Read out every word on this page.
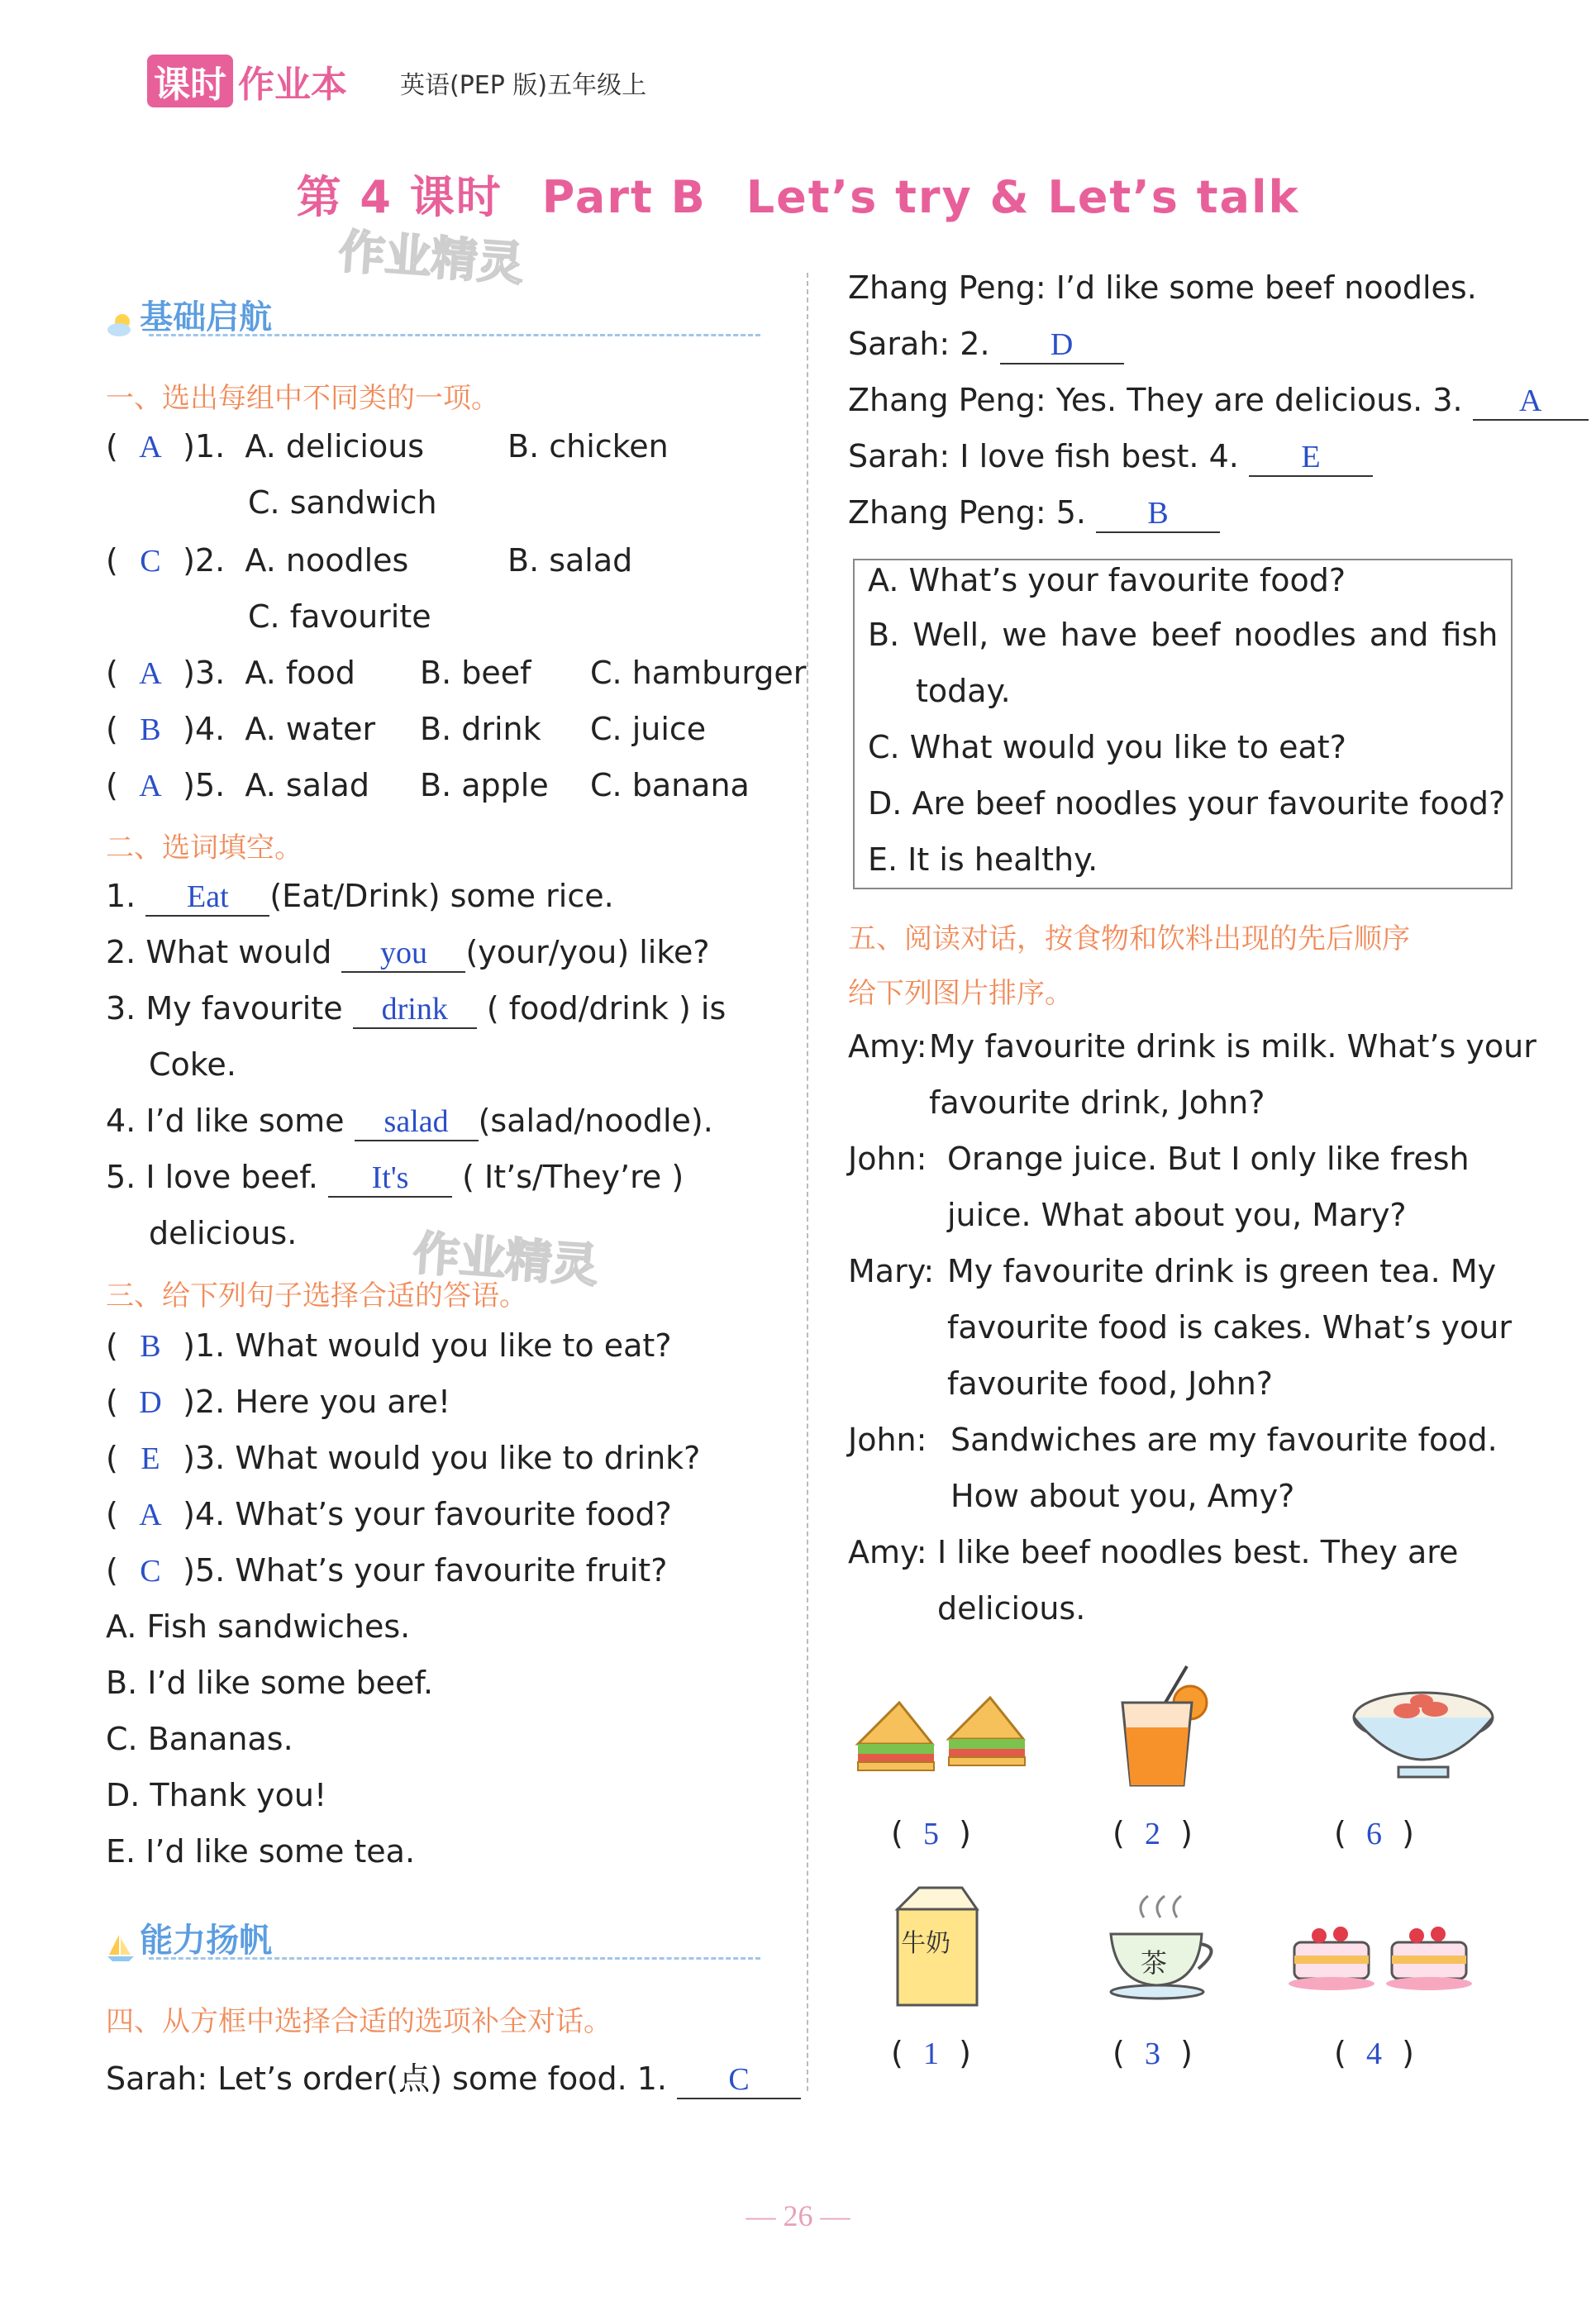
课时 作业本 英语(PEP 版)五年级上
第 4 课时 Part B Let’s try & Let’s talk
作业精灵
作业精灵
基础启航
一、选出每组中不同类的一项。
(  A )1. A. delicious	B. chicken
C. sandwich
(  C )2. A. noodles	B. salad
C. favourite
(  A )3. A. food B. beef C. hamburger
(  B )4. A. water B. drink C. juice
(  A )5. A. salad B. apple C. banana
二、选词填空。
1. Eat (Eat/Drink) some rice.
2. What would you (your/you) like?
3. My favourite drink ( food/drink ) is
Coke.
4. I’d like some salad (salad/noodle).
5. I love beef. It's ( It’s/They’re )
delicious.
三、给下列句子选择合适的答语。
(  B )1. What would you like to eat?
(  D )2. Here you are!
(  E )3. What would you like to drink?
(  A )4. What’s your favourite food?
(  C )5. What’s your favourite fruit?
A. Fish sandwiches.
B. I’d like some beef.
C. Bananas.
D. Thank you!
E. I’d like some tea.
能力扬帆
四、从方框中选择合适的选项补全对话。
Sarah: Let’s order(点) some food. 1. C
Zhang Peng: I’d like some beef noodles.
Sarah: 2. D
Zhang Peng: Yes. They are delicious. 3. A
Sarah: I love fish best. 4. E
Zhang Peng: 5. B
A. What’s your favourite food?
B. Well, we have beef noodles and fish
today.
C. What would you like to eat?
D. Are beef noodles your favourite food?
E. It is healthy.
五、阅读对话，按食物和饮料出现的先后顺序
给下列图片排序。
Amy: My favourite drink is milk. What’s your
favourite drink, John?
John: Orange juice. But I only like fresh
juice. What about you, Mary?
Mary: My favourite drink is green tea. My
favourite food is cakes. What’s your
favourite food, John?
John: Sandwiches are my favourite food.
How about you, Amy?
Amy: I like beef noodles best. They are
delicious.
(  5  )	(  2  )	(  6  )
牛奶
茶
(  1  )	(  3  )	(  4  )
— 26 —
